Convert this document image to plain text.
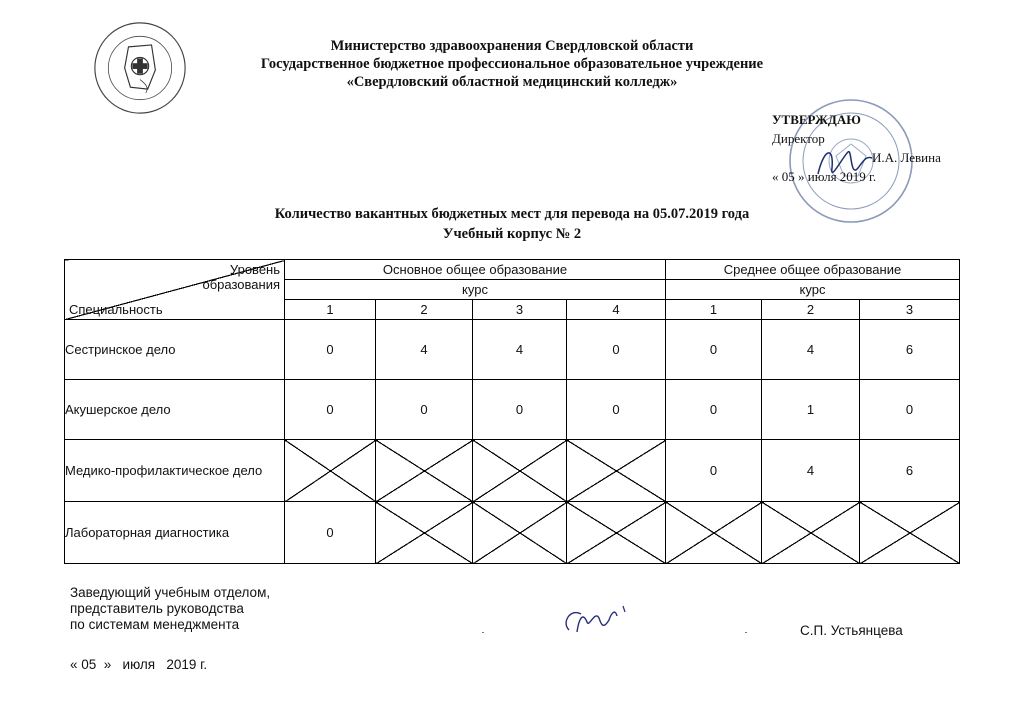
Министерство здравоохранения Свердловской области
Государственное бюджетное профессиональное образовательное учреждение
«Свердловский областной медицинский колледж»
УТВЕРЖДАЮ
Директор
И.А. Левина
« 05 » июля 2019 г.
Количество вакантных бюджетных мест для перевода на 05.07.2019 года
Учебный корпус № 2
Уровень образования
Специальность	Основное общее образование				Среднее общее образование		
	курс				курс		
	1	2	3	4	1	2	3
Сестринское дело	0	4	4	0	0	4	6
Акушерское дело	0	0	0	0	0	1	0
Медико-профилактическое дело					0	4	6
Лабораторная диагностика	0						
Заведующий учебным отделом,
представитель руководства
по системам менеджмента	С.П. Устьянцева
« 05  »   июля   2019 г.
